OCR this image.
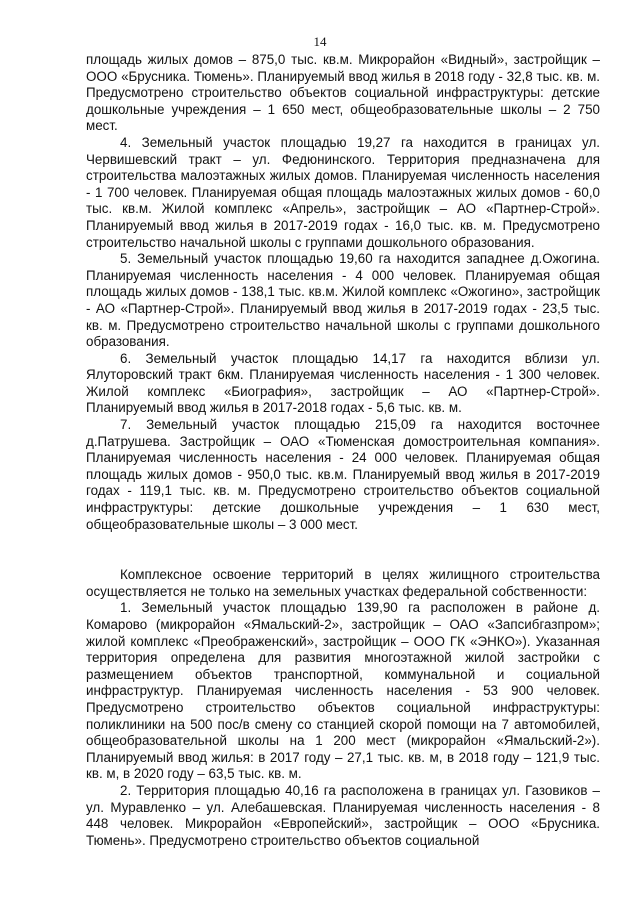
14

площадь жилых домов – 875,0 тыс. кв.м. Микрорайон «Видный», застройщик – ООО «Брусника. Тюмень». Планируемый ввод жилья в 2018 году - 32,8 тыс. кв. м. Предусмотрено строительство объектов социальной инфраструктуры: детские дошкольные учреждения – 1 650 мест, общеобразовательные школы – 2 750 мест.

4. Земельный участок площадью 19,27 га находится в границах ул. Червишевский тракт – ул. Федюнинского. Территория предназначена для строительства малоэтажных жилых домов. Планируемая численность населения - 1 700 человек. Планируемая общая площадь малоэтажных жилых домов - 60,0 тыс. кв.м. Жилой комплекс «Апрель», застройщик – АО «Партнер-Строй». Планируемый ввод жилья в 2017-2019 годах - 16,0 тыс. кв. м. Предусмотрено строительство начальной школы с группами дошкольного образования.

5. Земельный участок площадью 19,60 га находится западнее д.Ожогина. Планируемая численность населения - 4 000 человек. Планируемая общая площадь жилых домов - 138,1 тыс. кв.м. Жилой комплекс «Ожогино», застройщик - АО «Партнер-Строй». Планируемый ввод жилья в 2017-2019 годах - 23,5 тыс. кв. м. Предусмотрено строительство начальной школы с группами дошкольного образования.

6. Земельный участок площадью 14,17 га находится вблизи ул. Ялуторовский тракт 6км. Планируемая численность населения - 1 300 человек. Жилой комплекс «Биография», застройщик – АО «Партнер-Строй». Планируемый ввод жилья в 2017-2018 годах - 5,6 тыс. кв. м.

7. Земельный участок площадью 215,09 га находится восточнее д.Патрушева. Застройщик – ОАО «Тюменская домостроительная компания». Планируемая численность населения - 24 000 человек. Планируемая общая площадь жилых домов - 950,0 тыс. кв.м. Планируемый ввод жилья в 2017-2019 годах - 119,1 тыс. кв. м. Предусмотрено строительство объектов социальной инфраструктуры: детские дошкольные учреждения – 1 630 мест, общеобразовательные школы – 3 000 мест.

Комплексное освоение территорий в целях жилищного строительства осуществляется не только на земельных участках федеральной собственности:

1. Земельный участок площадью 139,90 га расположен в районе д. Комарово (микрорайон «Ямальский-2», застройщик – ОАО «Запсибгазпром»; жилой комплекс «Преображенский», застройщик – ООО ГК «ЭНКО»). Указанная территория определена для развития многоэтажной жилой застройки с размещением объектов транспортной, коммунальной и социальной инфраструктур. Планируемая численность населения - 53 900 человек. Предусмотрено строительство объектов социальной инфраструктуры: поликлиники на 500 пос/в смену со станцией скорой помощи на 7 автомобилей, общеобразовательной школы на 1 200 мест (микрорайон «Ямальский-2»). Планируемый ввод жилья: в 2017 году – 27,1 тыс. кв. м, в 2018 году – 121,9 тыс. кв. м, в 2020 году – 63,5 тыс. кв. м.

2. Территория площадью 40,16 га расположена в границах ул. Газовиков – ул. Муравленко – ул. Алебашевская. Планируемая численность населения - 8 448 человек. Микрорайон «Европейский», застройщик – ООО «Брусника. Тюмень». Предусмотрено строительство объектов социальной
